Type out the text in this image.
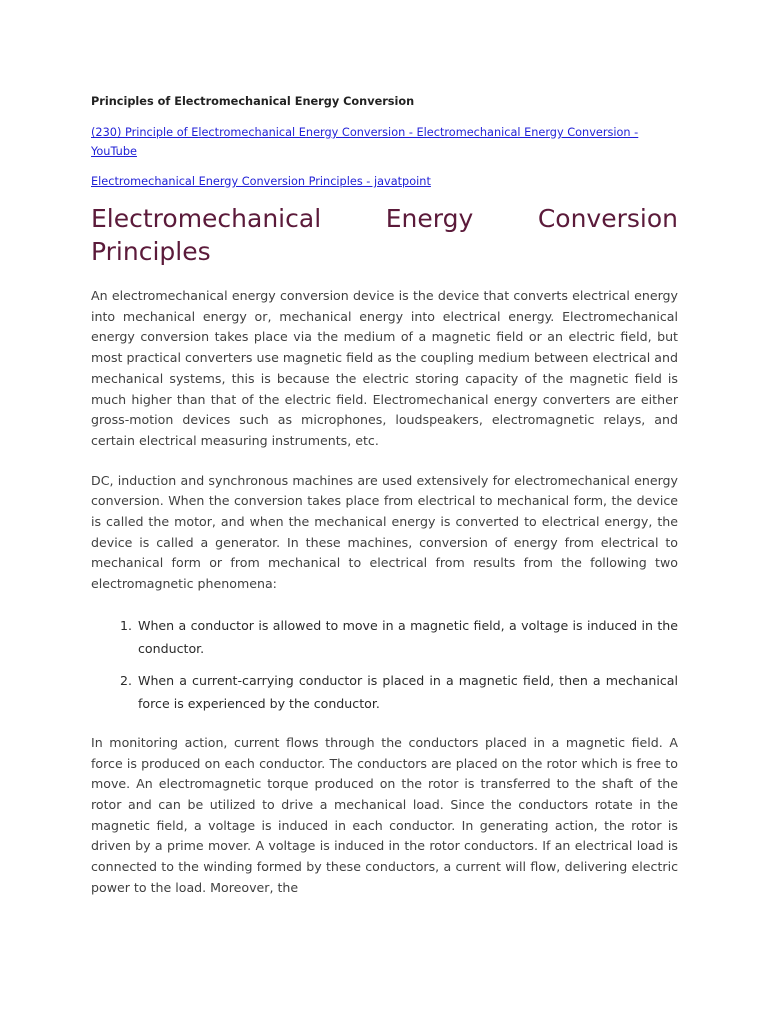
Principles of Electromechanical Energy Conversion
(230) Principle of Electromechanical Energy Conversion - Electromechanical Energy Conversion - YouTube
Electromechanical Energy Conversion Principles - javatpoint
Electromechanical	Energy	Conversion
Principles

An electromechanical energy conversion device is the device that converts electrical energy into mechanical energy or, mechanical energy into electrical energy. Electromechanical energy conversion takes place via the medium of a magnetic field or an electric field, but most practical converters use magnetic field as the coupling medium between electrical and mechanical systems, this is because the electric storing capacity of the magnetic field is much higher than that of the electric field. Electromechanical energy converters are either gross-motion devices such as microphones, loudspeakers, electromagnetic relays, and certain electrical measuring instruments, etc.

DC, induction and synchronous machines are used extensively for electromechanical energy conversion. When the conversion takes place from electrical to mechanical form, the device is called the motor, and when the mechanical energy is converted to electrical energy, the device is called a generator. In these machines, conversion of energy from electrical to mechanical form or from mechanical to electrical from results from the following two electromagnetic phenomena:

1. When a conductor is allowed to move in a magnetic field, a voltage is induced in the conductor.
2. When a current-carrying conductor is placed in a magnetic field, then a mechanical force is experienced by the conductor.

In monitoring action, current flows through the conductors placed in a magnetic field. A force is produced on each conductor. The conductors are placed on the rotor which is free to move. An electromagnetic torque produced on the rotor is transferred to the shaft of the rotor and can be utilized to drive a mechanical load. Since the conductors rotate in the magnetic field, a voltage is induced in each conductor. In generating action, the rotor is driven by a prime mover. A voltage is induced in the rotor conductors. If an electrical load is connected to the winding formed by these conductors, a current will flow, delivering electric power to the load. Moreover, the
